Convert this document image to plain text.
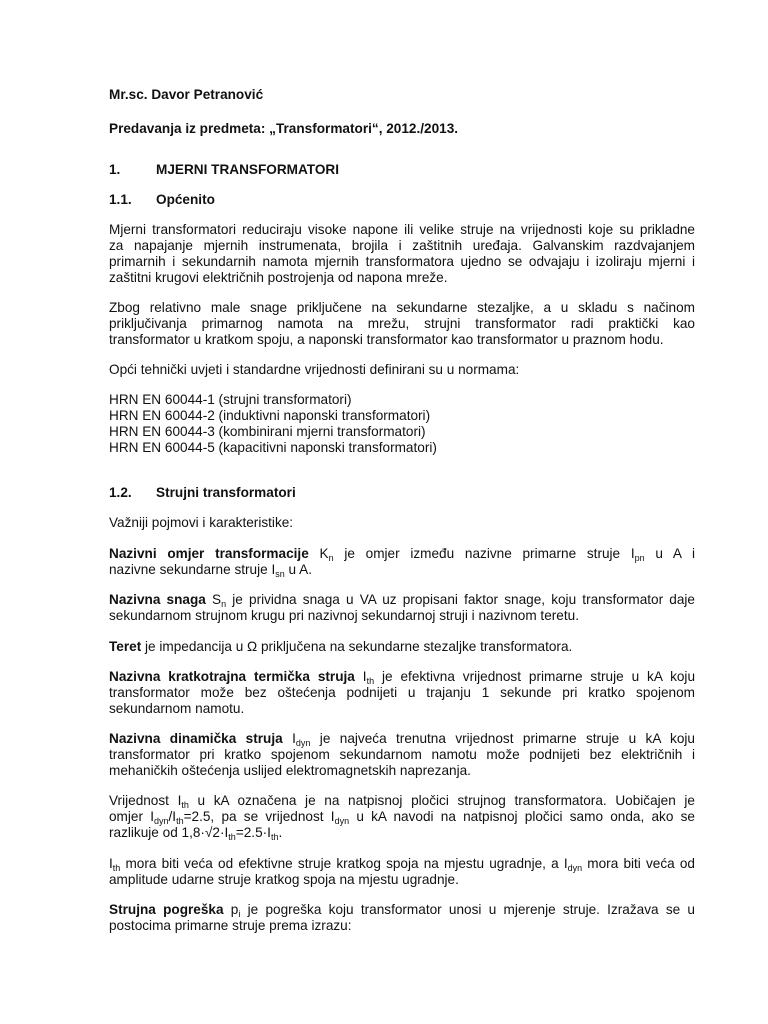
Mr.sc. Davor Petranović
Predavanja iz predmeta: „Transformatori“, 2012./2013.
1.	MJERNI TRANSFORMATORI
1.1. Općenito
Mjerni transformatori reduciraju visoke napone ili velike struje na vrijednosti koje su prikladne
za napajanje mjernih instrumenata, brojila i zaštitnih uređaja. Galvanskim razdvajanjem
primarnih i sekundarnih namota mjernih transformatora ujedno se odvajaju i izoliraju mjerni i
zaštitni krugovi električnih postrojenja od napona mreže.
Zbog relativno male snage priključene na sekundarne stezaljke, a u skladu s načinom
priključivanja primarnog namota na mrežu, strujni transformator radi praktički kao
transformator u kratkom spoju, a naponski transformator kao transformator u praznom hodu.
Opći tehnički uvjeti i standardne vrijednosti definirani su u normama:
HRN EN 60044-1 (strujni transformatori)
HRN EN 60044-2 (induktivni naponski transformatori)
HRN EN 60044-3 (kombinirani mjerni transformatori)
HRN EN 60044-5 (kapacitivni naponski transformatori)
1.2. Strujni transformatori
Važniji pojmovi i karakteristike:
Nazivni omjer transformacije $K_n$ je omjer između nazivne primarne struje $I_{pn}$ u A i
nazivne sekundarne struje $I_{sn}$ u A.
Nazivna snaga $S_n$ je prividna snaga u VA uz propisani faktor snage, koju transformator daje
sekundarnom strujnom krugu pri nazivnoj sekundarnoj struji i nazivnom teretu.
Teret je impedancija u Ω priključena na sekundarne stezaljke transformatora.
Nazivna kratkotrajna termička struja $I_{th}$ je efektivna vrijednost primarne struje u kA koju
transformator može bez oštećenja podnijeti u trajanju 1 sekunde pri kratko spojenom
sekundarnom namotu.
Nazivna dinamička struja $I_{dyn}$ je najveća trenutna vrijednost primarne struje u kA koju
transformator pri kratko spojenom sekundarnom namotu može podnijeti bez električnih i
mehaničkih oštećenja uslijed elektromagnetskih naprezanja.
Vrijednost $I_{th}$ u kA označena je na natpisnoj pločici strujnog transformatora. Uobičajen je
omjer $I_{dyn}/I_{th}=2.5$, pa se vrijednost $I_{dyn}$ u kA navodi na natpisnoj pločici samo onda, ako se
razlikuje od $1,8\cdot√2\cdot I_{th}=2.5\cdot I_{th}$.
$I_{th}$ mora biti veća od efektivne struje kratkog spoja na mjestu ugradnje, a $I_{dyn}$ mora biti veća od
amplitude udarne struje kratkog spoja na mjestu ugradnje.
Strujna pogreška $p_i$ je pogreška koju transformator unosi u mjerenje struje. Izražava se u
postocima primarne struje prema izrazu:
